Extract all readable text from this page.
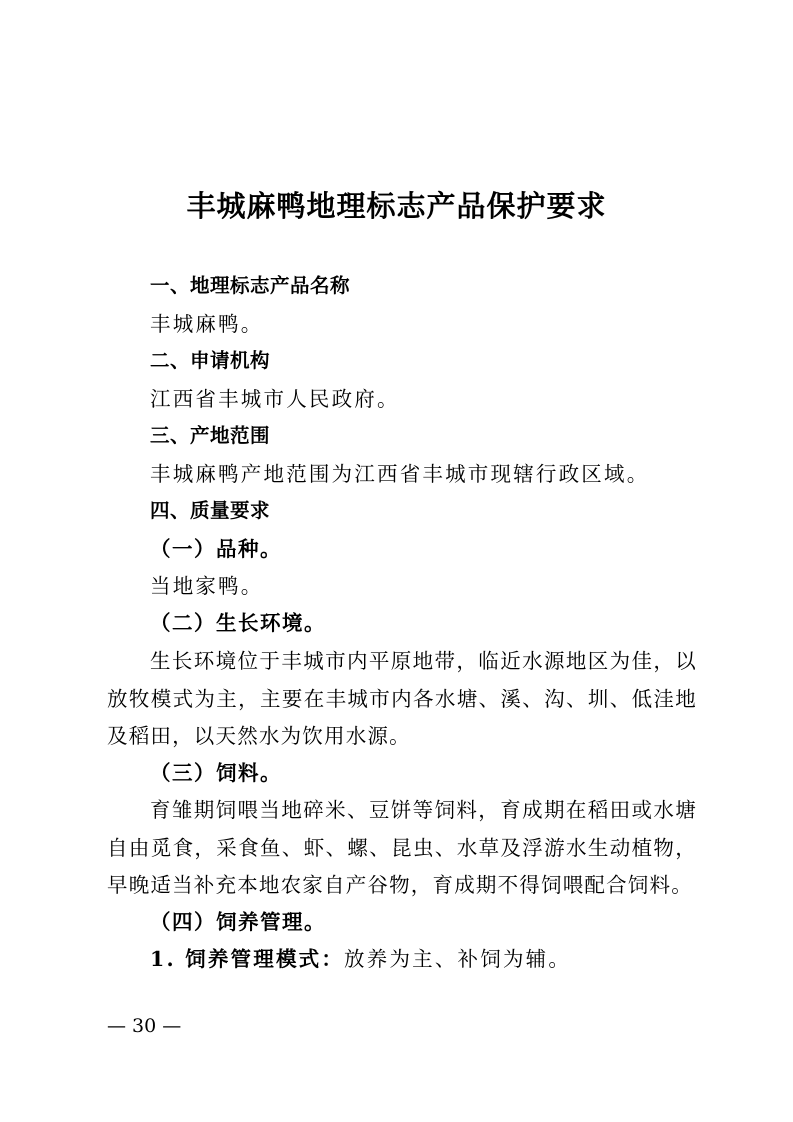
丰城麻鸭地理标志产品保护要求

一、地理标志产品名称

丰城麻鸭。

二、申请机构

江西省丰城市人民政府。

三、产地范围

丰城麻鸭产地范围为江西省丰城市现辖行政区域。

四、质量要求

（一）品种。

当地家鸭。

（二）生长环境。

生长环境位于丰城市内平原地带，临近水源地区为佳，以放牧模式为主，主要在丰城市内各水塘、溪、沟、圳、低洼地及稻田，以天然水为饮用水源。

（三）饲料。

育雏期饲喂当地碎米、豆饼等饲料，育成期在稻田或水塘自由觅食，采食鱼、虾、螺、昆虫、水草及浮游水生动植物，早晚适当补充本地农家自产谷物，育成期不得饲喂配合饲料。

（四）饲养管理。

1. 饲养管理模式：放养为主、补饲为辅。

— 30 —
